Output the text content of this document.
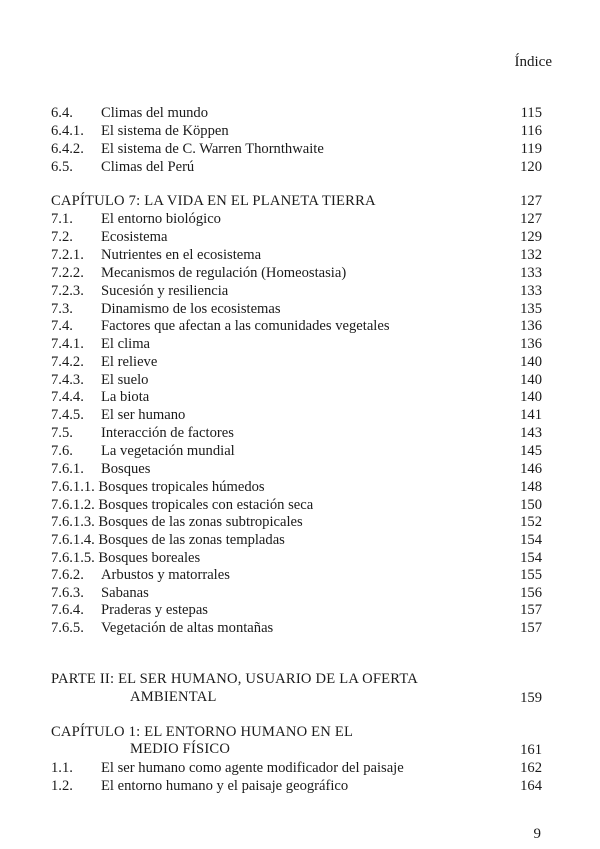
Índice
6.4. Climas del mundo	115
6.4.1. El sistema de Köppen	116
6.4.2. El sistema de C. Warren Thornthwaite	119
6.5. Climas del Perú	120
CAPÍTULO 7: LA VIDA EN EL PLANETA TIERRA	127
7.1. El entorno biológico	127
7.2. Ecosistema	129
7.2.1. Nutrientes en el ecosistema	132
7.2.2. Mecanismos de regulación (Homeostasia)	133
7.2.3. Sucesión y resiliencia	133
7.3. Dinamismo de los ecosistemas	135
7.4. Factores que afectan a las comunidades vegetales	136
7.4.1. El clima	136
7.4.2. El relieve	140
7.4.3. El suelo	140
7.4.4. La biota	140
7.4.5. El ser humano	141
7.5. Interacción de factores	143
7.6. La vegetación mundial	145
7.6.1. Bosques	146
7.6.1.1. Bosques tropicales húmedos	148
7.6.1.2. Bosques tropicales con estación seca	150
7.6.1.3. Bosques de las zonas subtropicales	152
7.6.1.4. Bosques de las zonas templadas	154
7.6.1.5. Bosques boreales	154
7.6.2. Arbustos y matorrales	155
7.6.3. Sabanas	156
7.6.4. Praderas y estepas	157
7.6.5. Vegetación de altas montañas	157
PARTE II: EL SER HUMANO, USUARIO DE LA OFERTA
AMBIENTAL	159
CAPÍTULO 1: EL ENTORNO HUMANO EN EL
MEDIO FÍSICO	161
1.1. El ser humano como agente modificador del paisaje	162
1.2. El entorno humano y el paisaje geográfico	164
9
